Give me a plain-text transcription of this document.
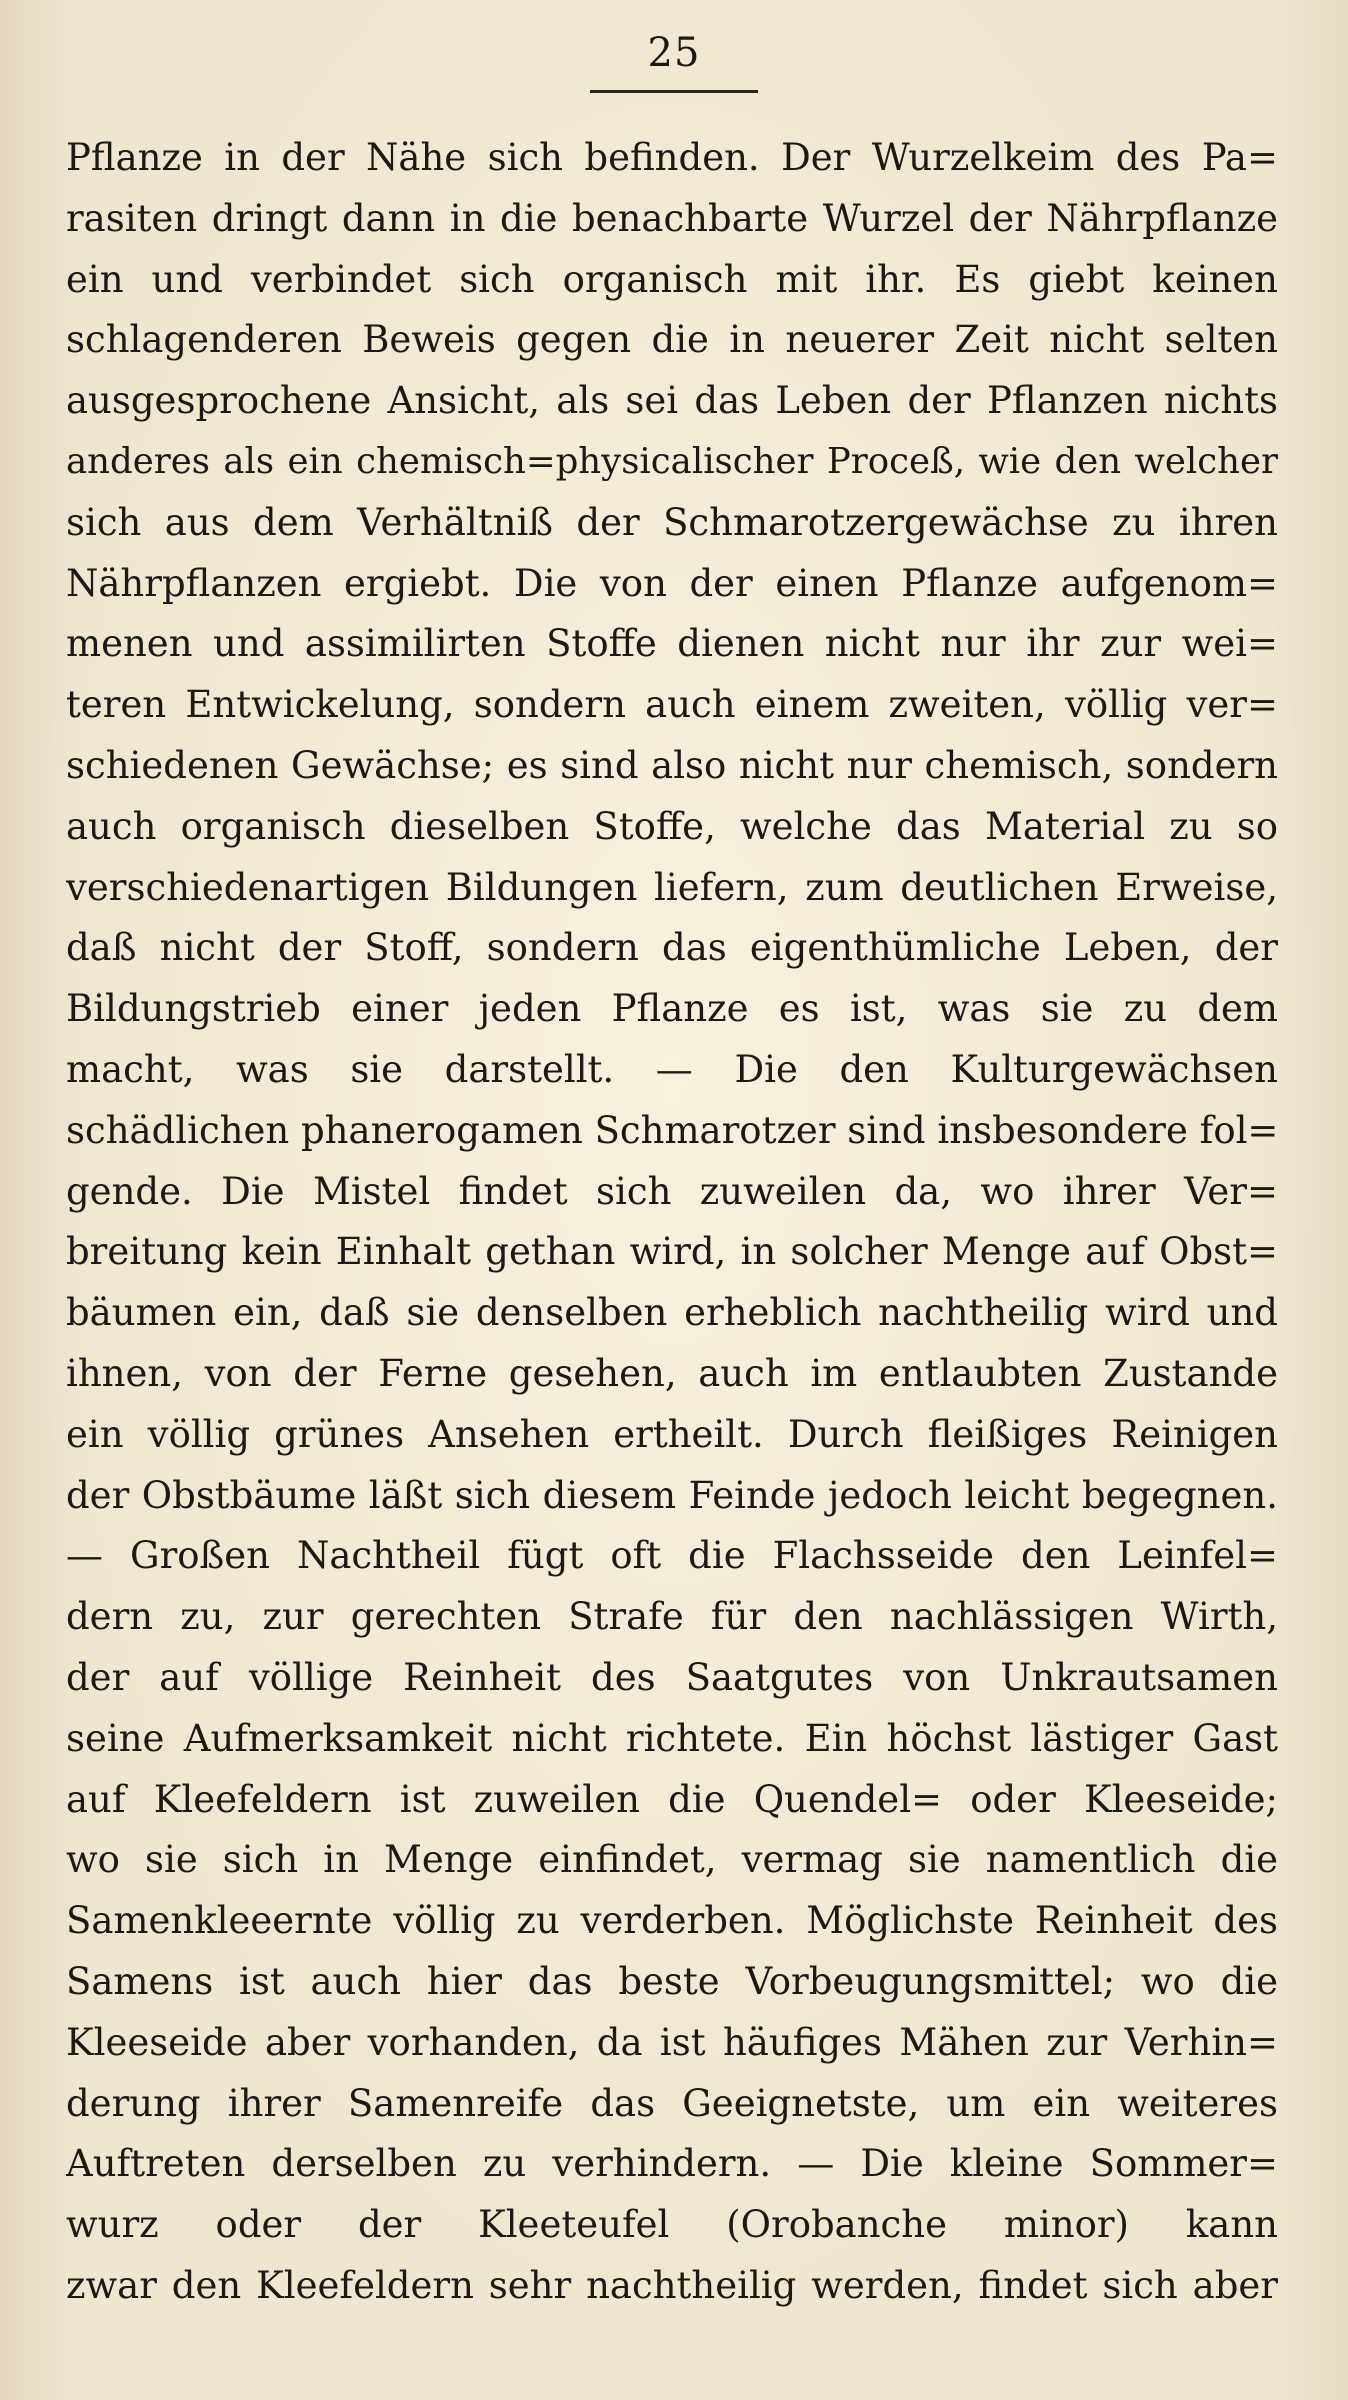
25
Pflanze in der Nähe sich befinden. Der Wurzelkeim des Pa=
rasiten dringt dann in die benachbarte Wurzel der Nährpflanze
ein und verbindet sich organisch mit ihr. Es giebt keinen
schlagenderen Beweis gegen die in neuerer Zeit nicht selten
ausgesprochene Ansicht, als sei das Leben der Pflanzen nichts
anderes als ein chemisch=physicalischer Proceß, wie den welcher
sich aus dem Verhältniß der Schmarotzergewächse zu ihren
Nährpflanzen ergiebt. Die von der einen Pflanze aufgenom=
menen und assimilirten Stoffe dienen nicht nur ihr zur wei=
teren Entwickelung, sondern auch einem zweiten, völlig ver=
schiedenen Gewächse; es sind also nicht nur chemisch, sondern
auch organisch dieselben Stoffe, welche das Material zu so
verschiedenartigen Bildungen liefern, zum deutlichen Erweise,
daß nicht der Stoff, sondern das eigenthümliche Leben, der
Bildungstrieb einer jeden Pflanze es ist, was sie zu dem
macht, was sie darstellt. — Die den Kulturgewächsen
schädlichen phanerogamen Schmarotzer sind insbesondere fol=
gende. Die Mistel findet sich zuweilen da, wo ihrer Ver=
breitung kein Einhalt gethan wird, in solcher Menge auf Obst=
bäumen ein, daß sie denselben erheblich nachtheilig wird und
ihnen, von der Ferne gesehen, auch im entlaubten Zustande
ein völlig grünes Ansehen ertheilt. Durch fleißiges Reinigen
der Obstbäume läßt sich diesem Feinde jedoch leicht begegnen.
— Großen Nachtheil fügt oft die Flachsseide den Leinfel=
dern zu, zur gerechten Strafe für den nachlässigen Wirth,
der auf völlige Reinheit des Saatgutes von Unkrautsamen
seine Aufmerksamkeit nicht richtete. Ein höchst lästiger Gast
auf Kleefeldern ist zuweilen die Quendel= oder Kleeseide;
wo sie sich in Menge einfindet, vermag sie namentlich die
Samenkleeernte völlig zu verderben. Möglichste Reinheit des
Samens ist auch hier das beste Vorbeugungsmittel; wo die
Kleeseide aber vorhanden, da ist häufiges Mähen zur Verhin=
derung ihrer Samenreife das Geeignetste, um ein weiteres
Auftreten derselben zu verhindern. — Die kleine Sommer=
wurz oder der Kleeteufel (Orobanche minor) kann
zwar den Kleefeldern sehr nachtheilig werden, findet sich aber
